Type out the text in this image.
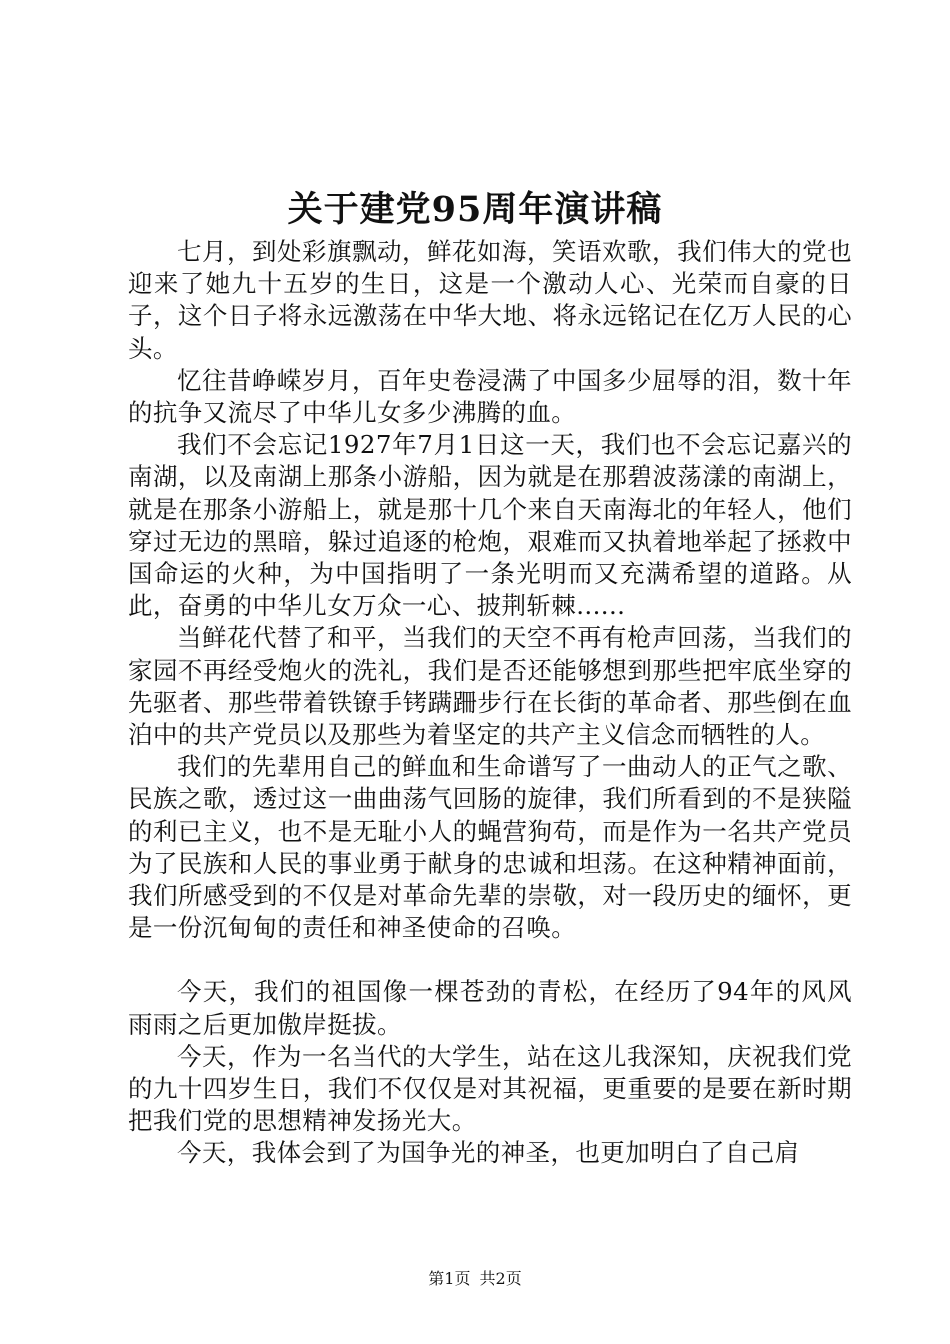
关于建党95周年演讲稿

七月，到处彩旗飘动，鲜花如海，笑语欢歌，我们伟大的党也迎来了她九十五岁的生日，这是一个激动人心、光荣而自豪的日子，这个日子将永远激荡在中华大地、将永远铭记在亿万人民的心头。

忆往昔峥嵘岁月，百年史卷浸满了中国多少屈辱的泪，数十年的抗争又流尽了中华儿女多少沸腾的血。

我们不会忘记1927年7月1日这一天，我们也不会忘记嘉兴的南湖，以及南湖上那条小游船，因为就是在那碧波荡漾的南湖上，就是在那条小游船上，就是那十几个来自天南海北的年轻人，他们穿过无边的黑暗，躲过追逐的枪炮，艰难而又执着地举起了拯救中国命运的火种，为中国指明了一条光明而又充满希望的道路。从此，奋勇的中华儿女万众一心、披荆斩棘......

当鲜花代替了和平，当我们的天空不再有枪声回荡，当我们的家园不再经受炮火的洗礼，我们是否还能够想到那些把牢底坐穿的先驱者、那些带着铁镣手铐蹒跚步行在长街的革命者、那些倒在血泊中的共产党员以及那些为着坚定的共产主义信念而牺牲的人。

我们的先辈用自己的鲜血和生命谱写了一曲动人的正气之歌、民族之歌，透过这一曲曲荡气回肠的旋律，我们所看到的不是狭隘的利已主义，也不是无耻小人的蝇营狗苟，而是作为一名共产党员为了民族和人民的事业勇于献身的忠诚和坦荡。在这种精神面前，我们所感受到的不仅是对革命先辈的崇敬，对一段历史的缅怀，更是一份沉甸甸的责任和神圣使命的召唤。

今天，我们的祖国像一棵苍劲的青松，在经历了94年的风风雨雨之后更加傲岸挺拔。

今天，作为一名当代的大学生，站在这儿我深知，庆祝我们党的九十四岁生日，我们不仅仅是对其祝福，更重要的是要在新时期把我们党的思想精神发扬光大。

今天，我体会到了为国争光的神圣，也更加明白了自己肩

第1页 共2页
